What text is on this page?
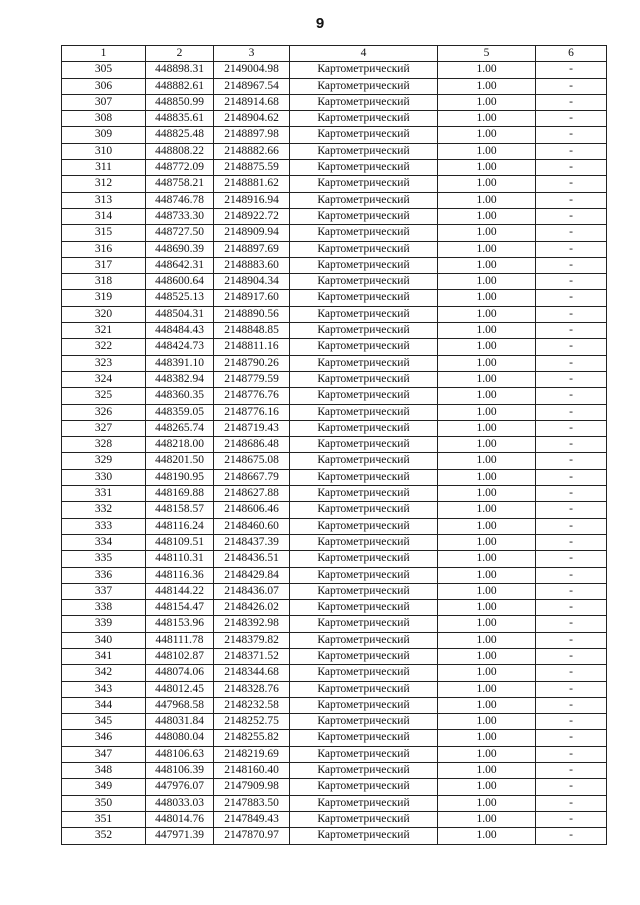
9
1	2	3	4	5	6
305	448898.31	2149004.98	Картометрический	1.00	-
306	448882.61	2148967.54	Картометрический	1.00	-
307	448850.99	2148914.68	Картометрический	1.00	-
308	448835.61	2148904.62	Картометрический	1.00	-
309	448825.48	2148897.98	Картометрический	1.00	-
310	448808.22	2148882.66	Картометрический	1.00	-
311	448772.09	2148875.59	Картометрический	1.00	-
312	448758.21	2148881.62	Картометрический	1.00	-
313	448746.78	2148916.94	Картометрический	1.00	-
314	448733.30	2148922.72	Картометрический	1.00	-
315	448727.50	2148909.94	Картометрический	1.00	-
316	448690.39	2148897.69	Картометрический	1.00	-
317	448642.31	2148883.60	Картометрический	1.00	-
318	448600.64	2148904.34	Картометрический	1.00	-
319	448525.13	2148917.60	Картометрический	1.00	-
320	448504.31	2148890.56	Картометрический	1.00	-
321	448484.43	2148848.85	Картометрический	1.00	-
322	448424.73	2148811.16	Картометрический	1.00	-
323	448391.10	2148790.26	Картометрический	1.00	-
324	448382.94	2148779.59	Картометрический	1.00	-
325	448360.35	2148776.76	Картометрический	1.00	-
326	448359.05	2148776.16	Картометрический	1.00	-
327	448265.74	2148719.43	Картометрический	1.00	-
328	448218.00	2148686.48	Картометрический	1.00	-
329	448201.50	2148675.08	Картометрический	1.00	-
330	448190.95	2148667.79	Картометрический	1.00	-
331	448169.88	2148627.88	Картометрический	1.00	-
332	448158.57	2148606.46	Картометрический	1.00	-
333	448116.24	2148460.60	Картометрический	1.00	-
334	448109.51	2148437.39	Картометрический	1.00	-
335	448110.31	2148436.51	Картометрический	1.00	-
336	448116.36	2148429.84	Картометрический	1.00	-
337	448144.22	2148436.07	Картометрический	1.00	-
338	448154.47	2148426.02	Картометрический	1.00	-
339	448153.96	2148392.98	Картометрический	1.00	-
340	448111.78	2148379.82	Картометрический	1.00	-
341	448102.87	2148371.52	Картометрический	1.00	-
342	448074.06	2148344.68	Картометрический	1.00	-
343	448012.45	2148328.76	Картометрический	1.00	-
344	447968.58	2148232.58	Картометрический	1.00	-
345	448031.84	2148252.75	Картометрический	1.00	-
346	448080.04	2148255.82	Картометрический	1.00	-
347	448106.63	2148219.69	Картометрический	1.00	-
348	448106.39	2148160.40	Картометрический	1.00	-
349	447976.07	2147909.98	Картометрический	1.00	-
350	448033.03	2147883.50	Картометрический	1.00	-
351	448014.76	2147849.43	Картометрический	1.00	-
352	447971.39	2147870.97	Картометрический	1.00	-
